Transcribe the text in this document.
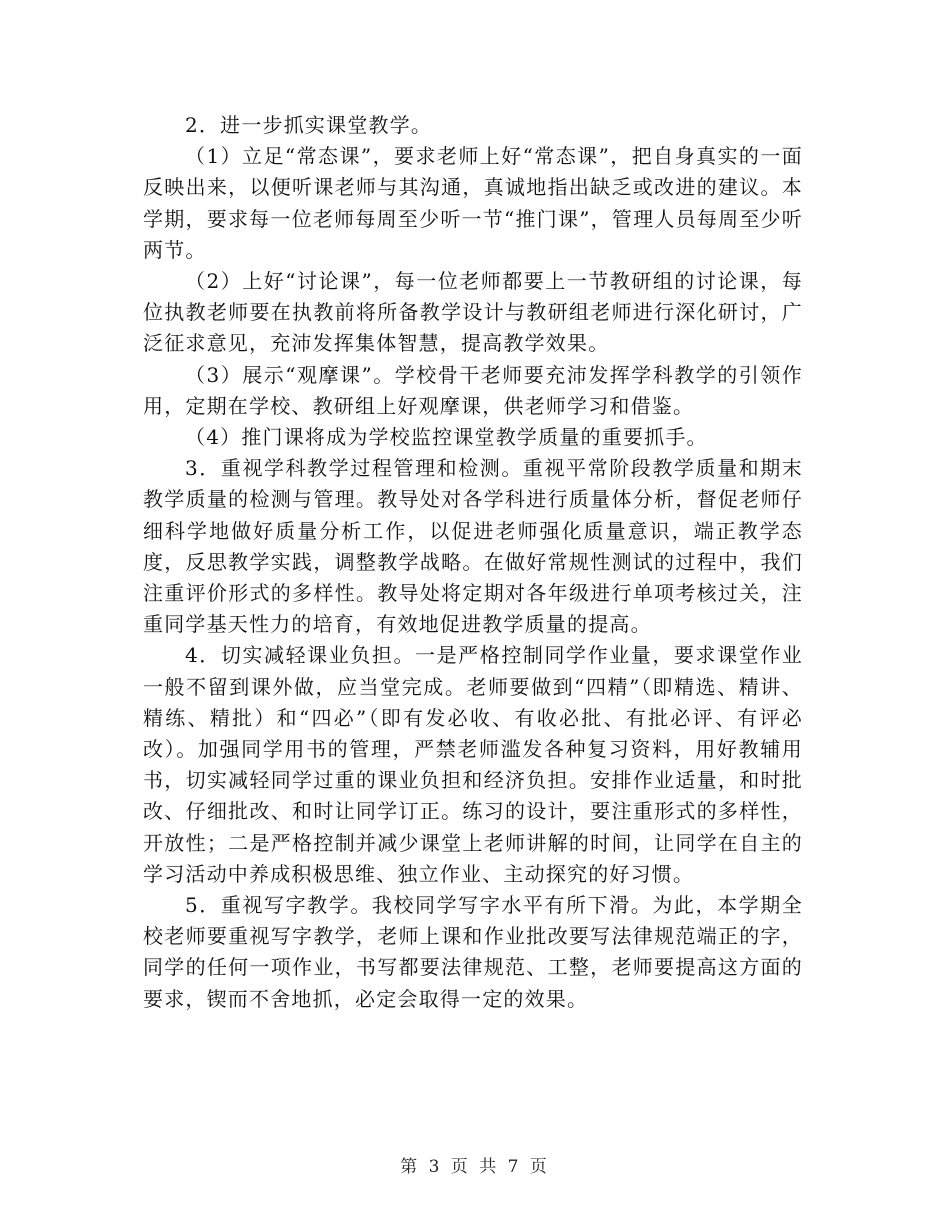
2．进一步抓实课堂教学。

（1）立足“常态课”，要求老师上好“常态课”，把自身真实的一面反映出来，以便听课老师与其沟通，真诚地指出缺乏或改进的建议。本学期，要求每一位老师每周至少听一节“推门课”，管理人员每周至少听两节。

（2）上好“讨论课”，每一位老师都要上一节教研组的讨论课，每位执教老师要在执教前将所备教学设计与教研组老师进行深化研讨，广泛征求意见，充沛发挥集体智慧，提高教学效果。

（3）展示“观摩课”。学校骨干老师要充沛发挥学科教学的引领作用，定期在学校、教研组上好观摩课，供老师学习和借鉴。

（4）推门课将成为学校监控课堂教学质量的重要抓手。

3．重视学科教学过程管理和检测。重视平常阶段教学质量和期末教学质量的检测与管理。教导处对各学科进行质量体分析，督促老师仔细科学地做好质量分析工作，以促进老师强化质量意识，端正教学态度，反思教学实践，调整教学战略。在做好常规性测试的过程中，我们注重评价形式的多样性。教导处将定期对各年级进行单项考核过关，注重同学基天性力的培育，有效地促进教学质量的提高。

4．切实减轻课业负担。一是严格控制同学作业量，要求课堂作业一般不留到课外做，应当堂完成。老师要做到“四精”（即精选、精讲、精练、精批）和“四必”（即有发必收、有收必批、有批必评、有评必改）。加强同学用书的管理，严禁老师滥发各种复习资料，用好教辅用书，切实减轻同学过重的课业负担和经济负担。安排作业适量，和时批改、仔细批改、和时让同学订正。练习的设计，要注重形式的多样性，开放性；二是严格控制并减少课堂上老师讲解的时间，让同学在自主的学习活动中养成积极思维、独立作业、主动探究的好习惯。

5．重视写字教学。我校同学写字水平有所下滑。为此，本学期全校老师要重视写字教学，老师上课和作业批改要写法律规范端正的字，同学的任何一项作业，书写都要法律规范、工整，老师要提高这方面的要求，锲而不舍地抓，必定会取得一定的效果。

第 3 页 共 7 页
